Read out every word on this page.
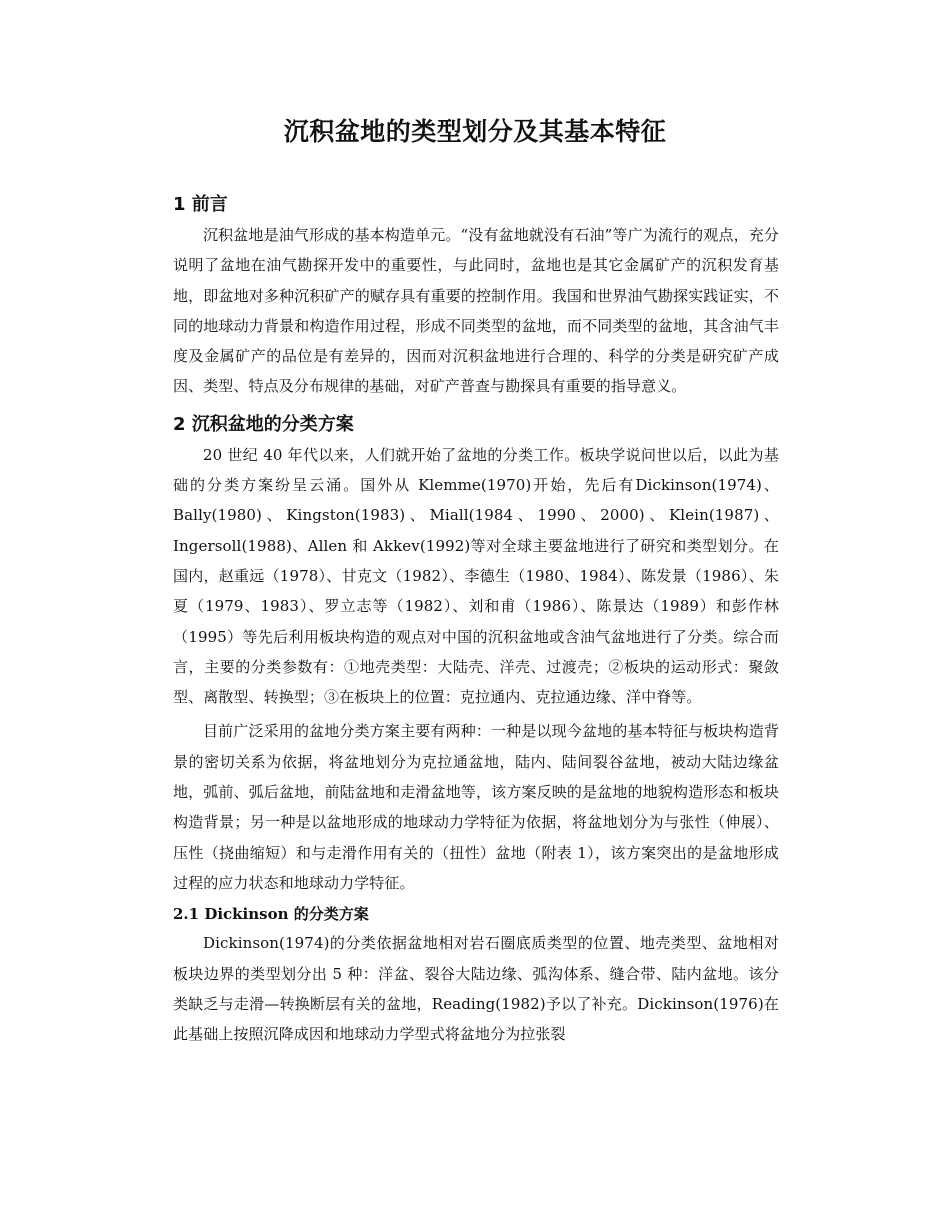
沉积盆地的类型划分及其基本特征
1 前言

沉积盆地是油气形成的基本构造单元。“没有盆地就没有石油”等广为流行的观点，充分说明了盆地在油气勘探开发中的重要性，与此同时，盆地也是其它金属矿产的沉积发育基地，即盆地对多种沉积矿产的赋存具有重要的控制作用。我国和世界油气勘探实践证实，不同的地球动力背景和构造作用过程，形成不同类型的盆地，而不同类型的盆地，其含油气丰度及金属矿产的品位是有差异的，因而对沉积盆地进行合理的、科学的分类是研究矿产成因、类型、特点及分布规律的基础，对矿产普查与勘探具有重要的指导意义。

2 沉积盆地的分类方案

20 世纪 40 年代以来，人们就开始了盆地的分类工作。板块学说问世以后，以此为基础的分类方案纷呈云涌。国外从 Klemme(1970)开始，先后有Dickinson(1974)、Bally(1980)、Kingston(1983)、Miall(1984、1990、2000)、Klein(1987)、Ingersoll(1988)、Allen 和 Akkev(1992)等对全球主要盆地进行了研究和类型划分。在国内，赵重远（1978）、甘克文（1982）、李德生（1980、1984）、陈发景（1986）、朱夏（1979、1983）、罗立志等（1982）、刘和甫（1986）、陈景达（1989）和彭作林（1995）等先后利用板块构造的观点对中国的沉积盆地或含油气盆地进行了分类。综合而言，主要的分类参数有：①地壳类型：大陆壳、洋壳、过渡壳；②板块的运动形式：聚敛型、离散型、转换型；③在板块上的位置：克拉通内、克拉通边缘、洋中脊等。

目前广泛采用的盆地分类方案主要有两种：一种是以现今盆地的基本特征与板块构造背景的密切关系为依据，将盆地划分为克拉通盆地，陆内、陆间裂谷盆地，被动大陆边缘盆地，弧前、弧后盆地，前陆盆地和走滑盆地等，该方案反映的是盆地的地貌构造形态和板块构造背景；另一种是以盆地形成的地球动力学特征为依据，将盆地划分为与张性（伸展）、压性（挠曲缩短）和与走滑作用有关的（扭性）盆地（附表 1），该方案突出的是盆地形成过程的应力状态和地球动力学特征。

2.1 Dickinson 的分类方案

Dickinson(1974)的分类依据盆地相对岩石圈底质类型的位置、地壳类型、盆地相对板块边界的类型划分出 5 种：洋盆、裂谷大陆边缘、弧沟体系、缝合带、陆内盆地。该分类缺乏与走滑—转换断层有关的盆地，Reading(1982)予以了补充。Dickinson(1976)在此基础上按照沉降成因和地球动力学型式将盆地分为拉张裂
